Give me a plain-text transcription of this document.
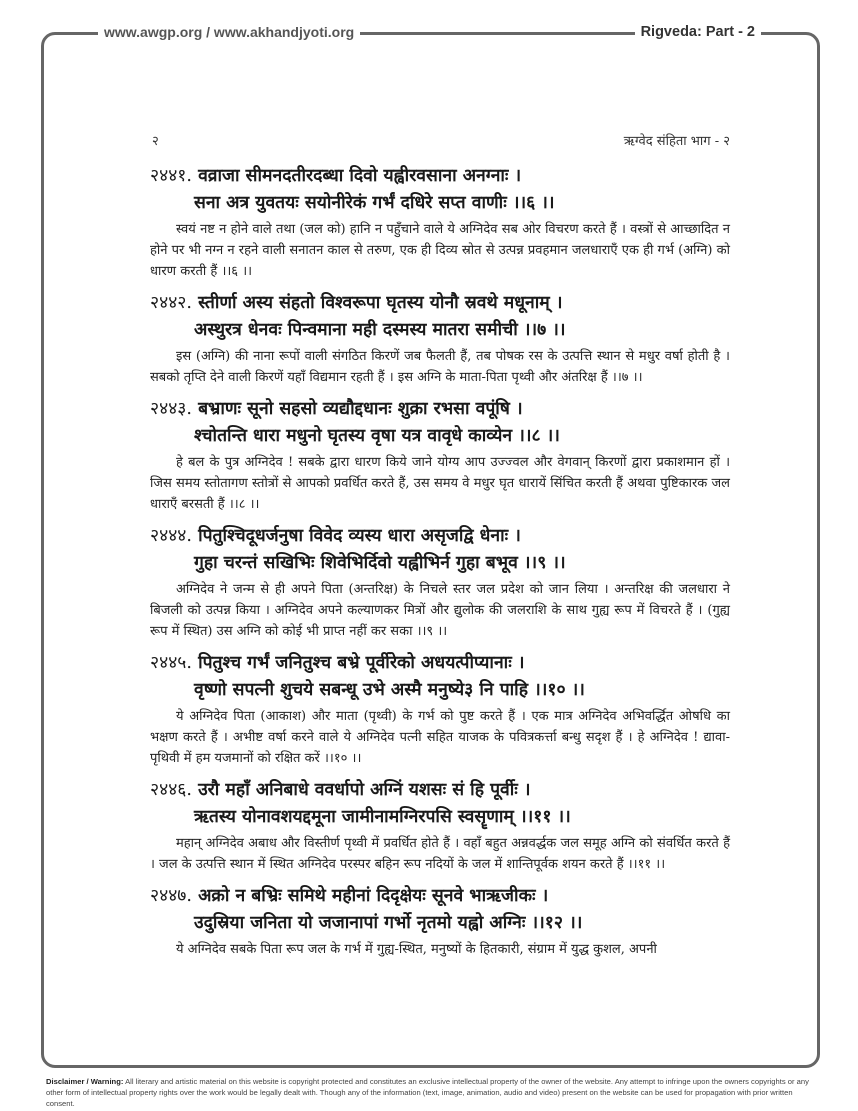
www.awgp.org / www.akhandjyoti.org	Rigveda: Part - 2
२	ऋग्वेद संहिता भाग - २
२४४१. वव्राजा सीमनदतीरदब्धा दिवो यह्वीरवसाना अनग्नाः ।
सना अत्र युवतयः सयोनीरेकं गर्भं दधिरे सप्त वाणीः ।।६ ।।
स्वयं नष्ट न होने वाले तथा (जल को) हानि न पहुँचाने वाले ये अग्निदेव सब ओर विचरण करते हैं । वस्त्रों से आच्छादित न होने पर भी नग्न न रहने वाली सनातन काल से तरुण, एक ही दिव्य स्रोत से उत्पन्न प्रवहमान जलधाराएँ एक ही गर्भ (अग्नि) को धारण करती हैं ।।६ ।।
२४४२. स्तीर्णा अस्य संहतो विश्वरूपा घृतस्य योनौ स्रवथे मधूनाम् ।
अस्थुरत्र धेनवः पिन्वमाना मही दस्मस्य मातरा समीची ।।७ ।।
इस (अग्नि) की नाना रूपों वाली संगठित किरणें जब फैलती हैं, तब पोषक रस के उत्पत्ति स्थान से मधुर वर्षा होती है । सबको तृप्ति देने वाली किरणें यहाँ विद्यमान रहती हैं । इस अग्नि के माता-पिता पृथ्वी और अंतरिक्ष हैं ।।७ ।।
२४४३. बभ्राणः सूनो सहसो व्यद्यौद्दधानः शुक्रा रभसा वपूंषि ।
श्चोतन्ति धारा मधुनो घृतस्य वृषा यत्र वावृधे काव्येन ।।८ ।।
हे बल के पुत्र अग्निदेव ! सबके द्वारा धारण किये जाने योग्य आप उज्ज्वल और वेगवान् किरणों द्वारा प्रकाशमान हों । जिस समय स्तोतागण स्तोत्रों से आपको प्रवर्धित करते हैं, उस समय वे मधुर घृत धारायें सिंचित करती हैं अथवा पुष्टिकारक जल धाराएँ बरसती हैं ।।८ ।।
२४४४. पितुश्चिदूधर्जनुषा विवेद व्यस्य धारा असृजद्वि धेनाः ।
गुहा चरन्तं सखिभिः शिवेभिर्दिवो यह्वीभिर्न गुहा बभूव ।।९ ।।
अग्निदेव ने जन्म से ही अपने पिता (अन्तरिक्ष) के निचले स्तर जल प्रदेश को जान लिया । अन्तरिक्ष की जलधारा ने बिजली को उत्पन्न किया । अग्निदेव अपने कल्याणकर मित्रों और द्युलोक की जलराशि के साथ गुह्य रूप में विचरते हैं । (गुह्य रूप में स्थित) उस अग्नि को कोई भी प्राप्त नहीं कर सका ।।९ ।।
२४४५. पितुश्च गर्भं जनितुश्च बभ्रे पूर्वीरेको अधयत्पीप्यानाः ।
वृष्णो सपत्नी शुचये सबन्धू उभे अस्मै मनुष्ये३ नि पाहि ।।१० ।।
ये अग्निदेव पिता (आकाश) और माता (पृथ्वी) के गर्भ को पुष्ट करते हैं । एक मात्र अग्निदेव अभिवर्द्धित ओषधि का भक्षण करते हैं । अभीष्ट वर्षा करने वाले ये अग्निदेव पत्नी सहित याजक के पवित्रकर्त्ता बन्धु सदृश हैं । हे अग्निदेव ! द्यावा-पृथिवी में हम यजमानों को रक्षित करें ।।१० ।।
२४४६. उरौ महाँ अनिबाधे ववर्धापो अग्निं यशसः सं हि पूर्वीः ।
ऋतस्य योनावशयद्दमूना जामीनामग्निरपसि स्वसॄणाम् ।।११ ।।
महान् अग्निदेव अबाध और विस्तीर्ण पृथ्वी में प्रवर्धित होते हैं । वहाँ बहुत अन्नवर्द्धक जल समूह अग्नि को संवर्धित करते हैं । जल के उत्पत्ति स्थान में स्थित अग्निदेव परस्पर बहिन रूप नदियों के जल में शान्तिपूर्वक शयन करते हैं ।।११ ।।
२४४७. अक्रो न बभ्रिः समिथे महीनां दिदृक्षेयः सूनवे भाऋजीकः ।
उदुस्रिया जनिता यो जजानापां गर्भो नृतमो यह्वो अग्निः ।।१२ ।।
ये अग्निदेव सबके पिता रूप जल के गर्भ में गुह्य-स्थित, मनुष्यों के हितकारी, संग्राम में युद्ध कुशल, अपनी
Disclaimer / Warning: All literary and artistic material on this website is copyright protected and constitutes an exclusive intellectual property of the owner of the website. Any attempt to infringe upon the owners copyrights or any other form of intellectual property rights over the work would be legally dealt with. Though any of the information (text, image, animation, audio and video) present on the website can be used for propagation with prior written consent.
